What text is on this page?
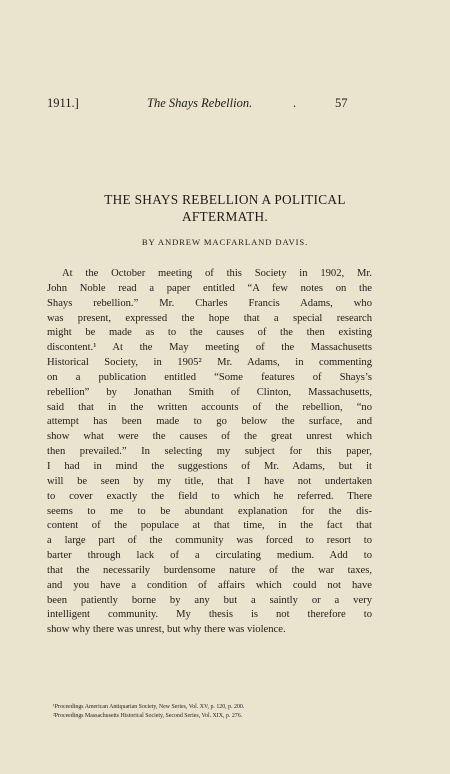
1911.]	The Shays Rebellion.	.	57
THE SHAYS REBELLION A POLITICAL
AFTERMATH.
BY ANDREW MACFARLAND DAVIS.
At the October meeting of this Society in 1902, Mr.
John Noble read a paper entitled “A few notes on the
Shays rebellion.” Mr. Charles Francis Adams, who
was present, expressed the hope that a special research
might be made as to the causes of the then existing
discontent.¹ At the May meeting of the Massachusetts
Historical Society, in 1905² Mr. Adams, in commenting
on a publication entitled “Some features of Shays’s
rebellion” by Jonathan Smith of Clinton, Massachusetts,
said that in the written accounts of the rebellion, “no
attempt has been made to go below the surface, and
show what were the causes of the great unrest which
then prevailed.” In selecting my subject for this paper,
I had in mind the suggestions of Mr. Adams, but it
will be seen by my title, that I have not undertaken
to cover exactly the field to which he referred. There
seems to me to be abundant explanation for the dis-
content of the populace at that time, in the fact that
a large part of the community was forced to resort to
barter through lack of a circulating medium. Add to
that the necessarily burdensome nature of the war taxes,
and you have a condition of affairs which could not have
been patiently borne by any but a saintly or a very
intelligent community. My thesis is not therefore to
show why there was unrest, but why there was violence.
¹Proceedings American Antiquarian Society, New Series, Vol. XV, p. 120, p. 200.
²Proceedings Massachusetts Historical Society, Second Series, Vol. XIX, p. 276.
